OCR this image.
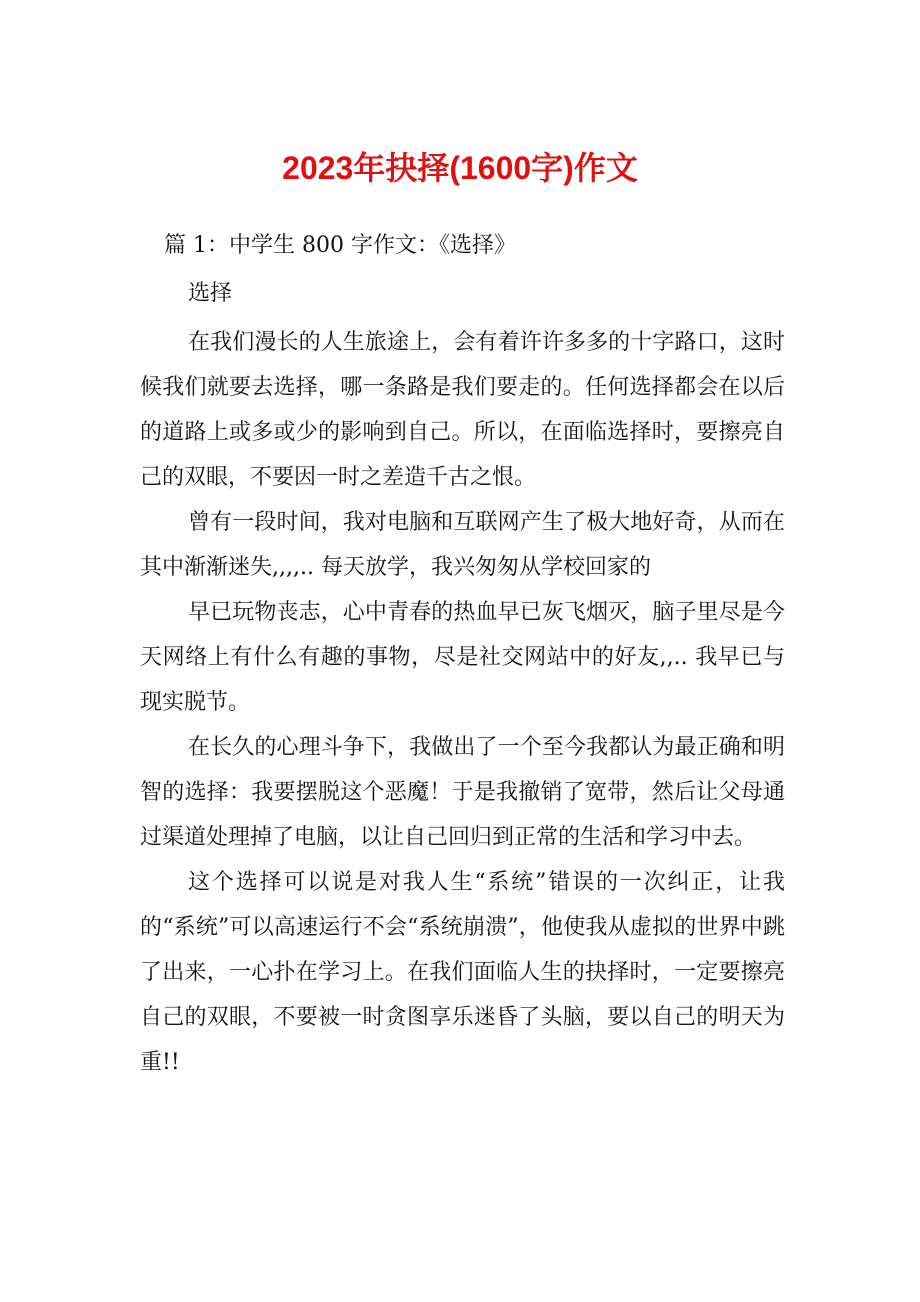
2023年抉择(1600字)作文

篇 1：中学生 800 字作文：《选择》

选择

在我们漫长的人生旅途上，会有着许许多多的十字路口，这时候我们就要去选择，哪一条路是我们要走的。任何选择都会在以后的道路上或多或少的影响到自己。所以，在面临选择时，要擦亮自己的双眼，不要因一时之差造千古之恨。

曾有一段时间，我对电脑和互联网产生了极大地好奇，从而在其中渐渐迷失,,,,.. 每天放学，我兴匆匆从学校回家的

早已玩物丧志，心中青春的热血早已灰飞烟灭，脑子里尽是今天网络上有什么有趣的事物，尽是社交网站中的好友,,.. 我早已与现实脱节。

在长久的心理斗争下，我做出了一个至今我都认为最正确和明智的选择：我要摆脱这个恶魔！于是我撤销了宽带，然后让父母通过渠道处理掉了电脑，以让自己回归到正常的生活和学习中去。

这个选择可以说是对我人生“系统”错误的一次纠正，让我的“系统”可以高速运行不会“系统崩溃”，他使我从虚拟的世界中跳了出来，一心扑在学习上。在我们面临人生的抉择时，一定要擦亮自己的双眼，不要被一时贪图享乐迷昏了头脑，要以自己的明天为重!!
